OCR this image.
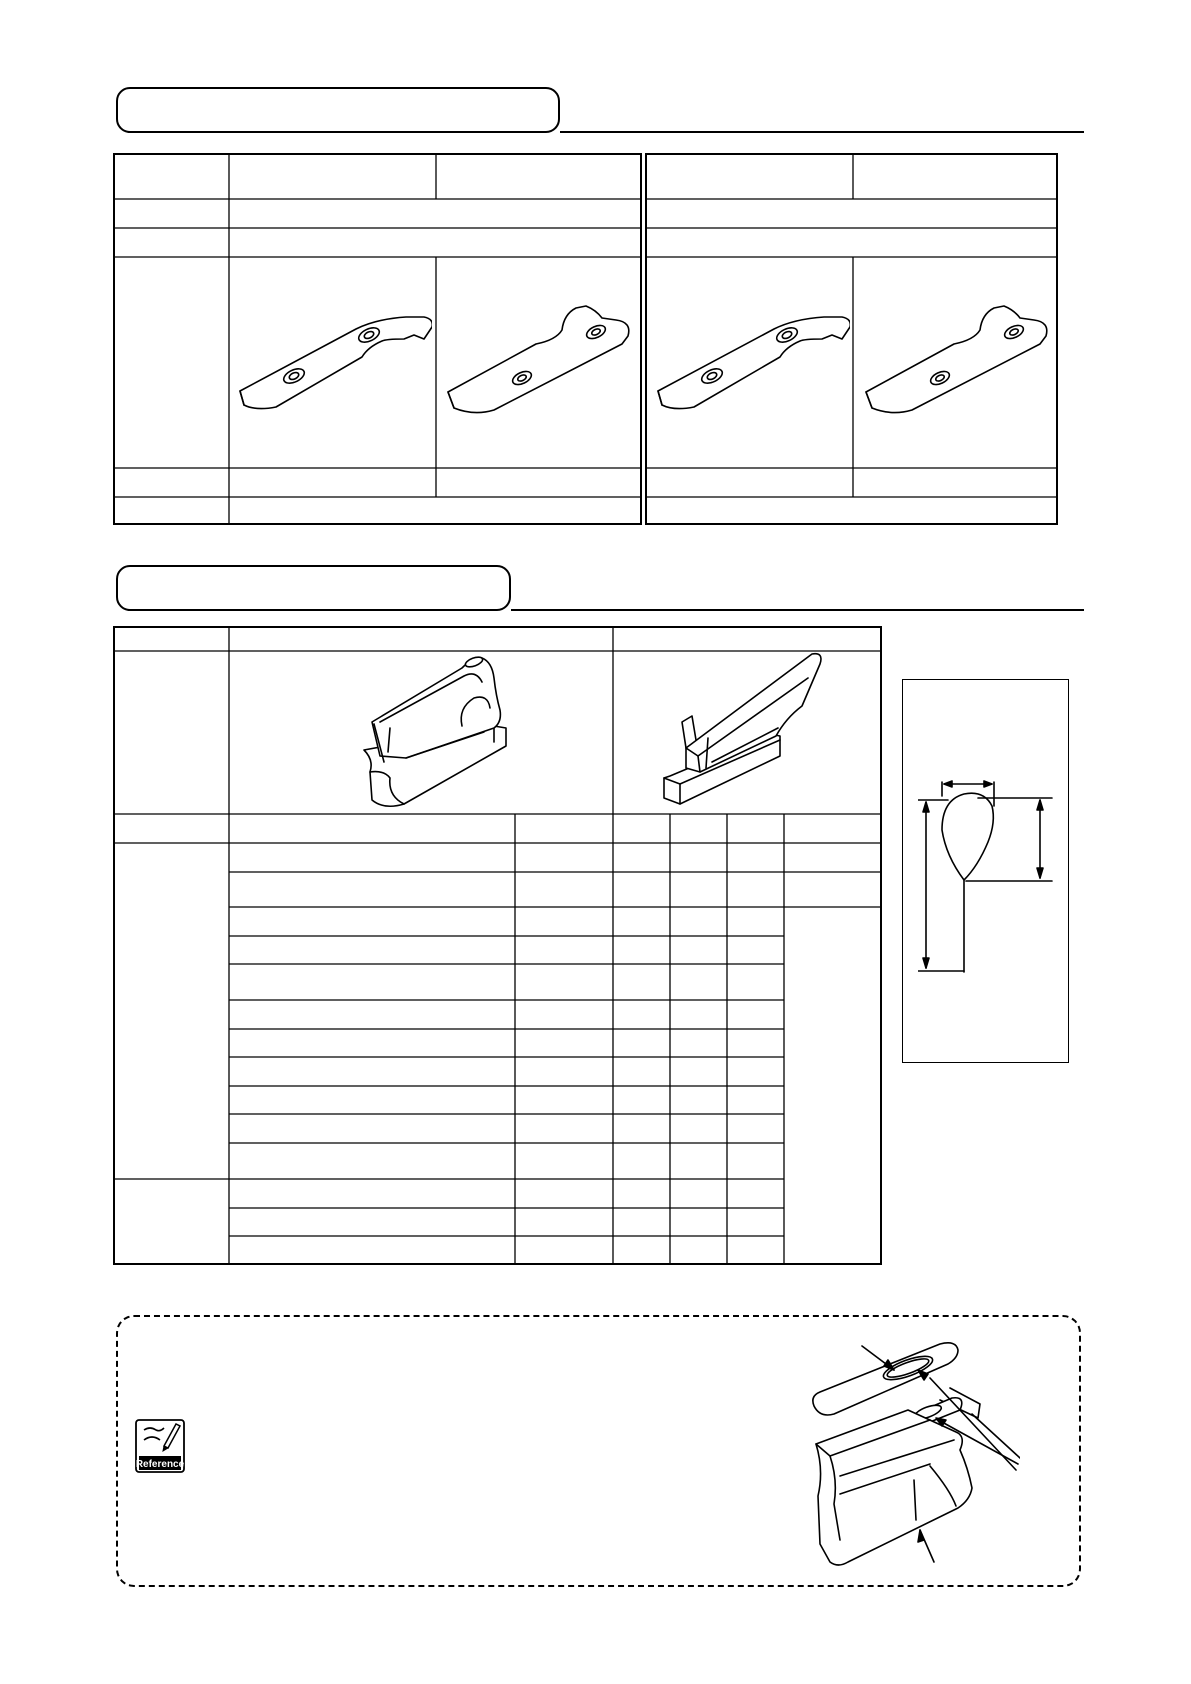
Reference
